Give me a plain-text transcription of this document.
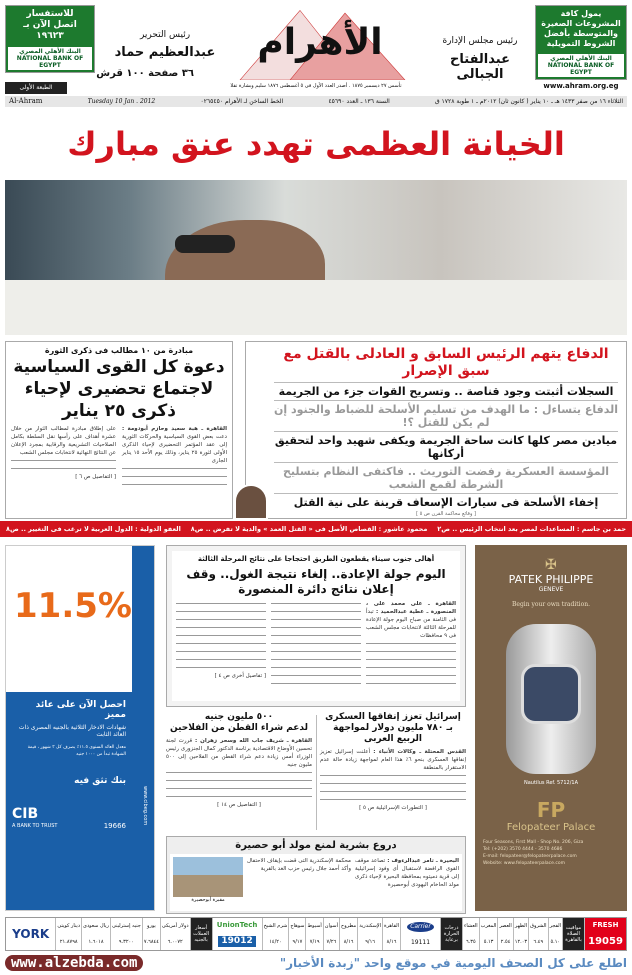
يمول كافة المشروعات الصغيرة والمتوسطة بأفضل الشروط التمويلية
البنك الأهلي المصري NATIONAL BANK OF EGYPT
للاستفسار
اتصل الآن بـ ١٩٦٢٣
البنك الأهلي المصري NATIONAL BANK OF EGYPT
رئيس مجلس الإدارة
عبدالفتاح الجبالى
رئيس التحرير
عبدالعظيم حماد	الأهرام
تأسس ٢٧ ديسمبر ١٨٧٥ . أصدر العدد الأول فى ٥ أغسطس ١٨٧٦ سليم وبشارة تقلا
٣٦ صفحة ١٠٠ قرش
الطبعة الأولى	www.ahram.org.eg
الثلاثاء ١٦ من صفر ١٤٣٣ هـ ـ ١٠ يناير ( كانون ثان) ٢٠١٢م ـ ١ طوبة ١٧٢٨ ق
السنة ١٣٦ ـ العدد ٤٥٦٩٠
الخط الساخن لـ الأهرام ٠٢٦٥٤٥٠
Tuesday 10 Jan . 2012
Al-Ahram
الخيانة العظمى تهدد عنق مبارك
الدفاع يتهم الرئيس السابق و العادلى بالقتل مع سبق الإصرار
السجلات أثبتت وجود قناصة .. وتسريح القوات جزء من الجريمة
الدفاع يتساءل : ما الهدف من تسليم الأسلحة للضباط والجنود إن لم يكن للقتل ؟!
ميادين مصر كلها كانت ساحة الجريمة ويكفى شهيد واحد لتحقيق أركانها
المؤسسة العسكرية رفضت التوريث .. فاكتفى النظام بتسليح الشرطة لقمع الشعب
إخفاء الأسلحة فى سيارات الإسعاف قرينة على نية القتل
[ وقائع محاكمة القرن ص ٥ ]
مبادرة من ١٠ مطالب فى ذكرى الثورة
دعوة كل القوى السياسية لاجتماع تحضيرى لإحياء ذكرى ٢٥ يناير
القاهرة ـ هبة سعيد وحازم أبودومة : دعت بعض القوى السياسية والحركات الثورية إلى عقد المؤتمر التحضيرى لإحياء الذكرى الأولى لثورة ٢٥ يناير، وذلك يوم الأحد ١٥ يناير الجارى
على إطلاق مبادرة لمطالب الثوار من خلال عشرة أهداف على رأسها نقل السلطة بكامل الصلاحيات التشريعية والرقابية بمجرد الإعلان عن النتائج النهائية لانتخابات مجلس الشعب
[ التفاصيل ص ٦ ]
حمد بن جاسم : المساعدات لمصر بعد انتخاب الرئيس .. ص٢
محمود عاشور : القصاص الأصل فى « القتل العمد » والدية لا تفرض .. ص٨
العفو الدولية : الدول العربية لا ترغب فى التغيير .. ص٨
✠
PATEK PHILIPPE
GENEVE
Begin your own tradition.
Nautilus Ref. 5712/1A
FP
Felopateer Palace
Four Seasons, First Mall - Shop No. 206, Giza
Tel: (+202) 3570 4444 - 3570 4686
E-mail: felopateer@felopateerpalace.com
Website: www.felopateerpalace.com
11.5%
احصل الآن على عائد مميز
شهادات الادخار الثلاثية بالجنيه المصرى ذات العائد الثابت
معدل العائد السنوى ١١.٥٪ يصرف كل ٣ شهور ، قيمة الشهادة تبدأ من ١٠٠٠ جنيه
بنك تثق فيه
CIB
A BANK TO TRUST	19666
www.cibeg.com
أهالى جنوب سيناء يقطعون الطريق احتجاجا على نتائج المرحلة الثالثة
اليوم جولة الإعادة.. إلغاء نتيجة الغول.. وقف إعلان نتائج دائرة المنصورة
القاهرة ـ على محمد على ، المنصورة ـ عطية عبدالحميد : تبدأ فى الثامنة من صباح اليوم جولة الإعادة للمرحلة الثالثة لانتخابات مجلس الشعب فى ٩ محافظات
[ تفاصيل أخرى ص ٤ ]
إسرائيل تعزز إنفاقها العسكرى
بـ ٧٨٠ مليون دولار لمواجهة الربيع العربى
القدس المحتلة ـ وكالات الأنباء : أعلنت إسرائيل تعزيز إنفاقها العسكرى بنحو ٦٪ هذا العام لمواجهة زيادة حالة عدم الاستقرار بالمنطقة
[ التطورات الإسرائيلية ص ٥ ]
٥٠٠ مليون جنيه
لدعم شراء القطن من الفلاحين
القاهرة ـ شريف جاب الله وسحر زهران : قررت لجنة تحسين الأوضاع الاقتصادية برئاسة الدكتور كمال الجنزورى رئيس الوزراء أمس زيادة دعم شراء القطن من الفلاحين إلى ٥٠٠ مليون جنيه
[ التفاصيل ص ١٤ ]
دروع بشرية لمنع مولد أبو حصيرة
البحيرة ـ تامر عبدالرءوف : تصاعد موقف القوى الرافضة لاستقبال أى وفود إسرائيلية إلى قرية دميتوه بمحافظة البحيرة لإحياء ذكرى مولد الحاخام اليهودى أبوحصيرة
محكمة الإسكندرية التى قضت بإيقاف الاحتفال وأكد أحمد جلال رئيس حزب الغد بالقرية
مقبرة أبوحصيرة
FRESH
19059
مواقيت الصلاة بالقاهرة
الفجر
٥.١٠
الشروق
٦.٤٩
الظهر
١٢.٠٣
العصر
٢.٥٤
المغرب
٥.١٣
العشاء
٦.٣٥
درجات الحرارة برعاية
Carrier
19111
القاهرة
٨/١٦
الإسكندرية
٩/١٦
مطروح
٨/١٦
أسوان
٧/٢٦
أسيوط
٧/١٩
سوهاج
٩/١٧
شرم الشيخ
١٤/٢٠
UnionTech
19012
أسعار العملات بالجنيه
دولار أمريكى
٦.٠٠٧٢
يورو
٧.٦٨٤٤
جنيه إسترلينى
٩.٣٢٠٠
ريال سعودى
١.٦٠١٨
دينار كويتى
٢١.٨٧٩٨
YORK
اطلع على كل الصحف اليومية في موقع واحد "زبدة الأخبار"
www.alzebda.com
